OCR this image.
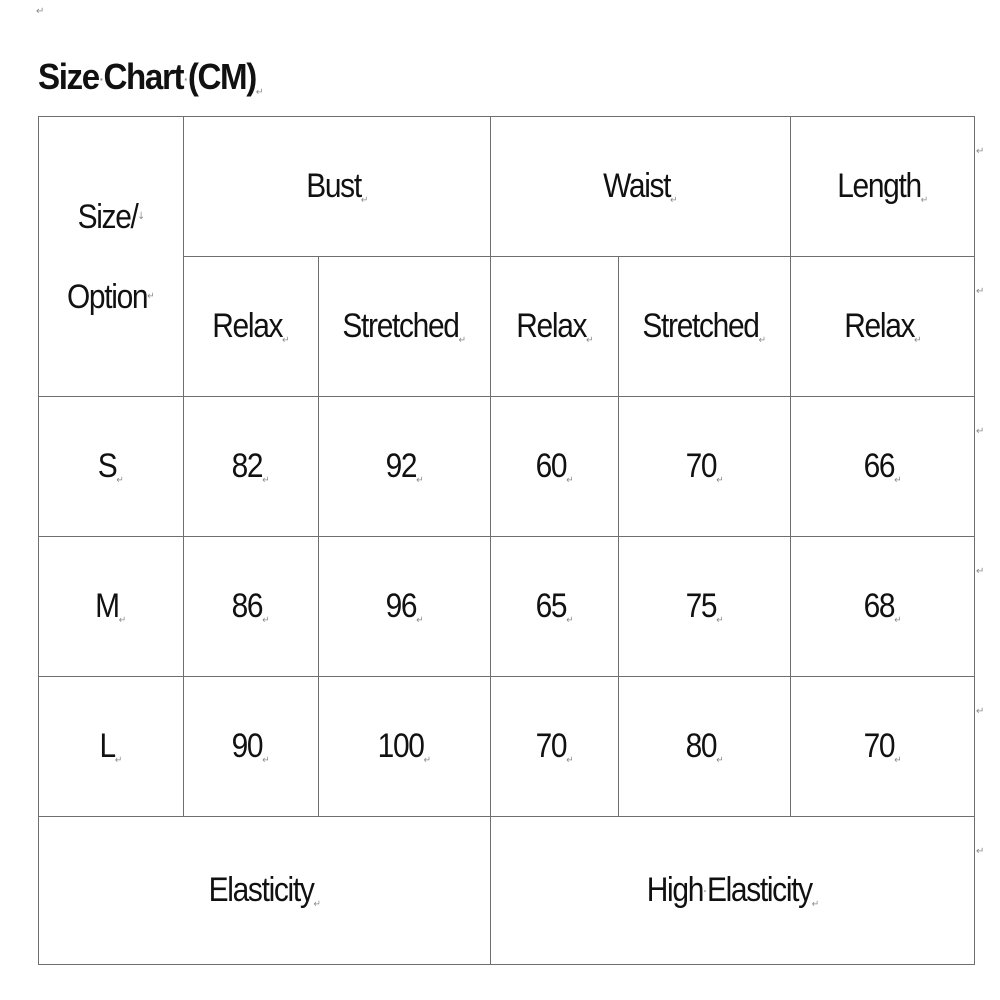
↵
Size·Chart·(CM)↵
↵
↵
↵
↵
↵
↵
Size/↓
Option↵	Bust↵		Waist↵		Length↵
	Relax↵	Stretched↵	Relax↵	Stretched↵	Relax↵
S↵	82↵	92↵	60↵	70↵	66↵
M↵	86↵	96↵	65↵	75↵	68↵
L↵	90↵	100↵	70↵	80↵	70↵
Elasticity↵			High·Elasticity↵		
